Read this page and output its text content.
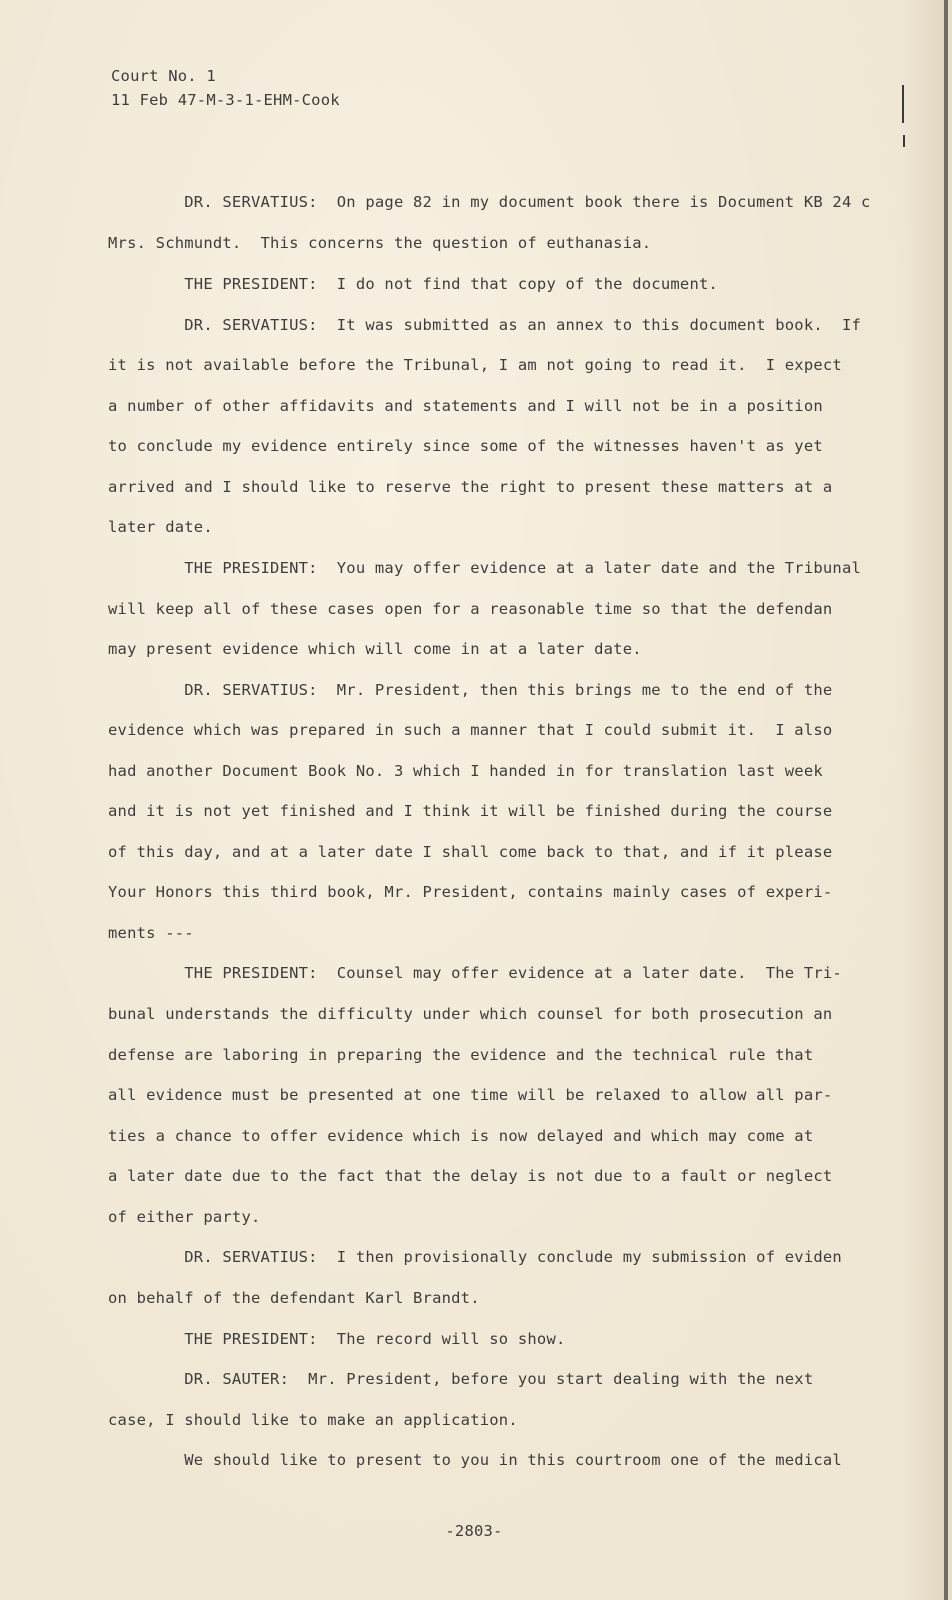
Court No. 1
11 Feb 47-M-3-1-EHM-Cook
DR. SERVATIUS:  On page 82 in my document book there is Document KB 24 c
Mrs. Schmundt.  This concerns the question of euthanasia.
THE PRESIDENT:  I do not find that copy of the document.
DR. SERVATIUS:  It was submitted as an annex to this document book.  If
it is not available before the Tribunal, I am not going to read it.  I expect
a number of other affidavits and statements and I will not be in a position
to conclude my evidence entirely since some of the witnesses haven't as yet
arrived and I should like to reserve the right to present these matters at a
later date.
THE PRESIDENT:  You may offer evidence at a later date and the Tribunal
will keep all of these cases open for a reasonable time so that the defendan
may present evidence which will come in at a later date.
DR. SERVATIUS:  Mr. President, then this brings me to the end of the
evidence which was prepared in such a manner that I could submit it.  I also
had another Document Book No. 3 which I handed in for translation last week
and it is not yet finished and I think it will be finished during the course
of this day, and at a later date I shall come back to that, and if it please
Your Honors this third book, Mr. President, contains mainly cases of experi-
ments ---
THE PRESIDENT:  Counsel may offer evidence at a later date.  The Tri-
bunal understands the difficulty under which counsel for both prosecution an
defense are laboring in preparing the evidence and the technical rule that
all evidence must be presented at one time will be relaxed to allow all par-
ties a chance to offer evidence which is now delayed and which may come at
a later date due to the fact that the delay is not due to a fault or neglect
of either party.
DR. SERVATIUS:  I then provisionally conclude my submission of eviden
on behalf of the defendant Karl Brandt.
THE PRESIDENT:  The record will so show.
DR. SAUTER:  Mr. President, before you start dealing with the next
case, I should like to make an application.
We should like to present to you in this courtroom one of the medical
-2803-
